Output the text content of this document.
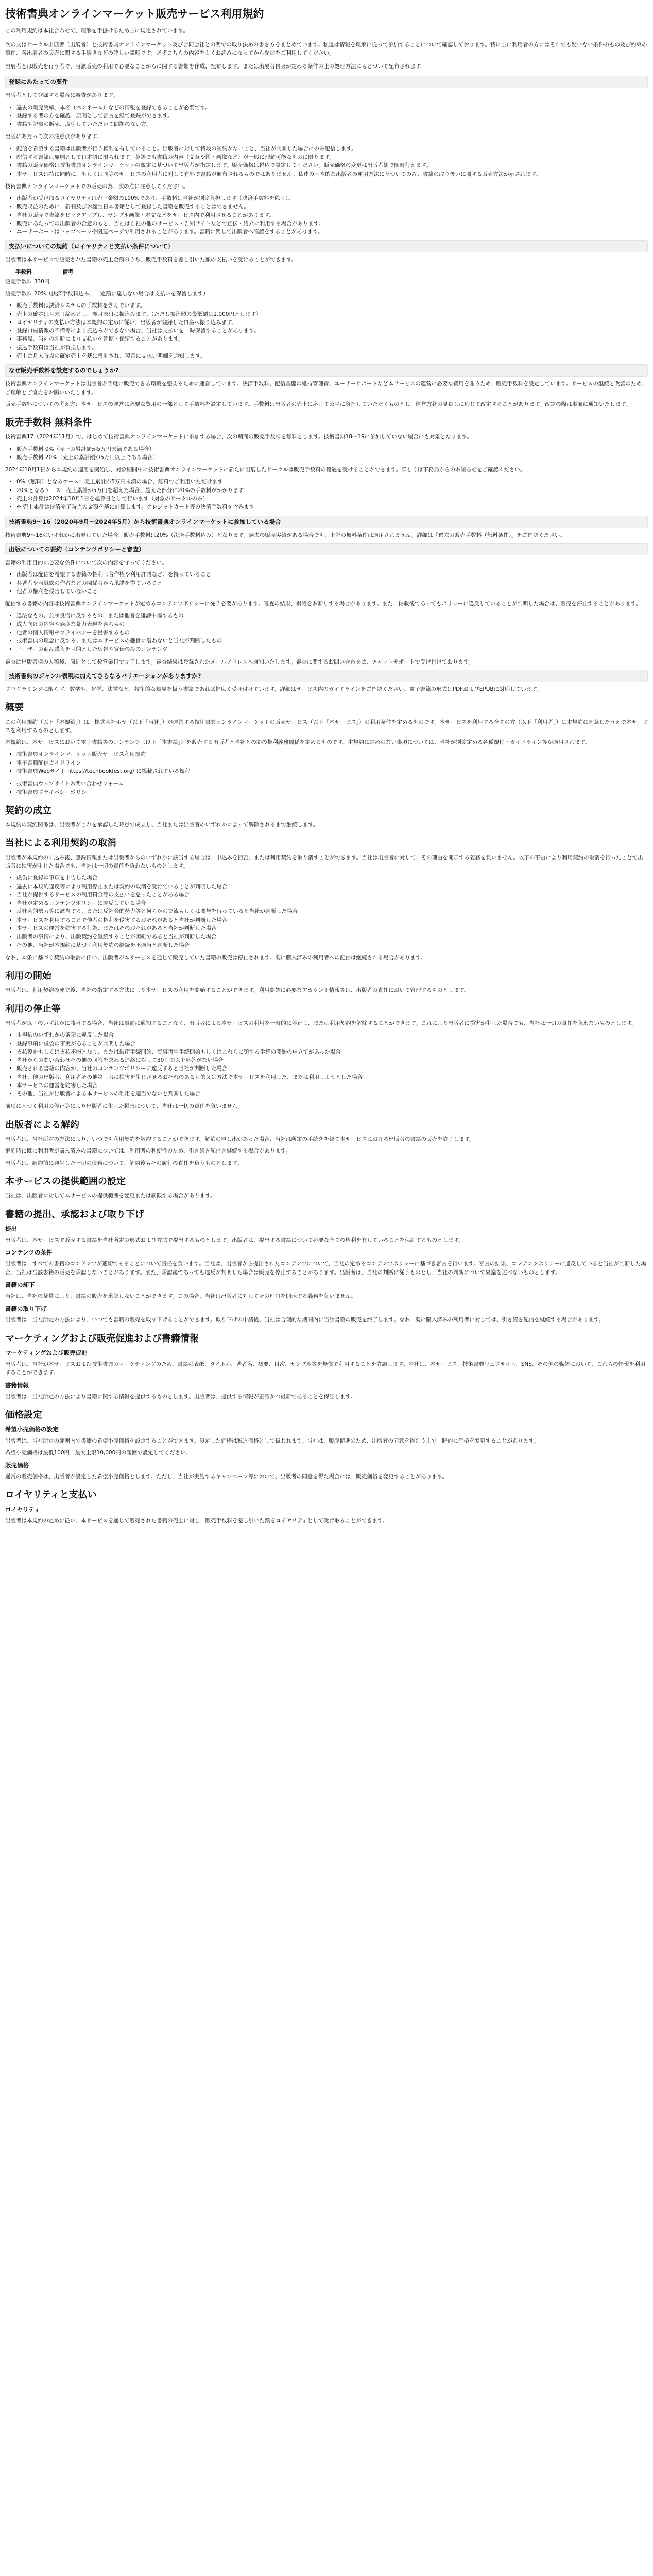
技術書典オンラインマーケット販売サービス利用規約

この利用規約は本社合わせて、理解を手掛けるため主に規定されています。

次の文はサークル出展者（出展者）と技術書典オンラインマーケット及び合同会社との間での取り決めの書き方をまとめています。私達は情報を理解に従って参加することについて確認しております。特に主に利用者の方にはそれでも疑いない条件のもの及び約束の事件、各出展者の販売に関する手続きなどの詳しい説明です。必ずこちらの内容をよくお読みになってから参加をご利用してください。

出展者とは販売を行う者で、当該販売の利用で必要なことがらに関する書類を作成、配布します。または出展者自身が定める条件の上の処理方法にもとづいて配布されます。

登録にあたっての要件

出版者として登録する場合に審査があります。

• 過去の販売実績、本名（ペンネーム）などの情報を登録できることが必要です。
• 登録する者の方を確認、原則として審査を経て登録ができます。
• 書籍や記事の販売、取引していただいて問題のない方。

出版にあたって次の注意点があります。

• 配信を希望する書籍は出版者が行う権利を有していること。出版者に対して特段の制約がないこと、当社が判断した場合にのみ配信します。
• 配信する書籍は原則として日本語に限られます。英語でも書籍の内容（文章や図・画像など）が一般に理解可能なものに限ります。
• 書籍の販売価格は技術書典オンラインマーケットの規定に基づいて出版者が指定します。販売価格は税込で設定してください。販売価格の変更は出版者側で随時行えます。
• 本サービスは特に同時に、もしくは同等のサービスの利用者に対して有料で書籍が頒布されるものではありません。私達の基本的な出版者の運用方法に基づいてのみ、書籍の取り扱いに関する販売方法が示されます。

技術書典オンラインマーケットでの販売の為、次の点に注意してください。

• 出版者が受け取るロイヤリティは売上金額の100%であり、手数料は当社が別途負担します（決済手数料を除く）。
• 販売収益のために、新刊及びお誕生日本書籍として登録した書籍を販売することはできません。
• 当社の販売で書籍をピックアップし、サンプル画像・本文などをサービス内で利用させることがあります。
• 販売にあたっての出版者の合意のもと、当社は自社の他のサービス・告知サイトなどで宣伝・紹介に利用する場合があります。
• ユーザーポートはトップページや関連ページで利用されることがあります。書籍に関して出版者へ確認をすることがあります。
支払いについての規約（ロイヤリティと支払い条件について）

出版者は本サービスで販売された書籍の売上金額のうち、販売手数料を差し引いた額の支払いを受けることができます。

手数料	備考

販売手数料 330円

販売手数料 20%（決済手数料込み、一定額に達しない場合は支払いを保留します）

• 販売手数料は決済システムの手数料を含んでいます。
• 売上の確定は月末日締めとし、翌月末日に振込みます。（ただし振込額の最低額は1,000円とします）
• ロイヤリティの支払い方法は本規約の定めに従い、出版者が登録した口座へ振り込みます。
• 登録口座情報の不備等により振込みができない場合、当社は支払いを一時保留することがあります。
• 事務局、当社の判断により支払いを延期・保留することがあります。
• 振込手数料は当社が負担します。
• 売上は月末時点の確定売上を基に集計され、翌月に支払い明細を通知します。
なぜ販売手数料を設定するのでしょうか?

技術書典オンラインマーケットは出版者が手軽に販売できる環境を整えるために運営しています。決済手数料、配信基盤の維持管理費、ユーザーサポートなど本サービスの運営に必要な費用を賄うため、販売手数料を設定しています。サービスの継続と改善のため、ご理解とご協力をお願いいたします。

販売手数料についての考え方：本サービスの運営に必要な費用の一部として手数料を設定しています。手数料は出版者の売上に応じて公平に負担していただくものとし、運営方針の見直しに応じて改定することがあります。改定の際は事前に通知いたします。

販売手数料 無料条件

技術書典17（2024年11月）で、はじめて技術書典オンラインマーケットに参加する場合、次の期間の販売手数料を無料とします。技術書典18〜19に参加していない場合にも対象となります。

• 販売手数料 0%（売上の累計額が5万円未満である場合）
• 販売手数料 20%（売上の累計額が5万円以上である場合）

2024年10月1日から本規約の適用を開始し、対象期間中に技術書典オンラインマーケットに新たに出展したサークルは販売手数料の優遇を受けることができます。詳しくは事務局からのお知らせをご確認ください。

• 0%（無料）となるケース：売上累計が5万円未満の場合、無料でご利用いただけます
• 20%となるケース：売上累計が5万円を超えた場合、超えた部分に20%の手数料がかかります
• 売上の計算は2024年10月1日を起算日として行います（対象のサークルのみ）
• ※ 売上累計は決済完了時点の金額を基に計算します。クレジットカード等の決済手数料を含みます
技術書典9〜16（2020年9月〜2024年5月）から技術書典オンラインマーケットに参加している場合

技術書典9〜16のいずれかに出展していた場合、販売手数料は20%（決済手数料込み）となります。過去の販売実績がある場合でも、上記の無料条件は適用されません。詳細は「過去の販売手数料（無料条件）」をご確認ください。

出版についての要約（コンテンツポリシーと審査）

書籍の利用目的に必要な条件について次の内容を守ってください。

• 出版者は配信を希望する書籍の権利（著作権や利用許諾など）を持っていること
• 共著者や表紙絵の作者などの関係者から承諾を得ていること
• 他者の権利を侵害していないこと

配信する書籍の内容は技術書典オンラインマーケットが定めるコンテンツポリシーに従う必要があります。審査の結果、掲載をお断りする場合があります。また、掲載後であってもポリシーに違反していることが判明した場合は、販売を停止することがあります。

• 違法なもの、公序良俗に反するもの、または他者を誹謗中傷するもの
• 成人向けの内容や過度な暴力表現を含むもの
• 他者の個人情報やプライバシーを侵害するもの
• 技術書典の理念に反する、または本サービスの趣旨に沿わないと当社が判断したもの
• ユーザーの商品購入を目的とした広告や宣伝のみのコンテンツ

審査は出版者様の入稿後、原則として数営業日で完了します。審査結果は登録されたメールアドレスへ通知いたします。審査に関するお問い合わせは、チャットサポートで受け付けております。

技術書典のジャンル表現に加えてさらなるバリエーションがありますか?

プログラミングに限らず、数学や、化学、法学など、技術的な知見を扱う書籍であれば幅広く受け付けています。詳細はサービス内のガイドラインをご確認ください。電子書籍の形式はPDFおよびEPUBに対応しています。

概要

この利用規約（以下「本規約」）は、株式会社ホヤ（以下「当社」）が運営する技術書典オンラインマーケットの販売サービス（以下「本サービス」）の利用条件を定めるものです。本サービスを利用する全ての方（以下「利用者」）は本規約に同意したうえで本サービスを利用するものとします。

本規約は、本サービスにおいて電子書籍等のコンテンツ（以下「本書籍」）を販売する出版者と当社との間の権利義務関係を定めるものです。本規約に定めのない事項については、当社が別途定める各種規程・ガイドライン等が適用されます。

• 技術書典オンラインマーケット販売サービス利用規約
• 電子書籍配信ガイドライン
• 技術書典Webサイト https://techbookfest.org/ に掲載されている規程
• 技術書典ウェブサイトお問い合わせフォーム
• 技術書典プライバシーポリシー
契約の成立

本規約の契約関係は、出版者がこれを承認した時点で成立し、当社または出版者のいずれかによって解除されるまで継続します。

当社による利用契約の取消

出版者が本規約の申込み後、登録情報または出版者からのいずれかに該当する場合は、申込みを拒否、または利用契約を取り消すことができます。当社は出版者に対して、その理由を開示する義務を負いません。以下の事由により利用契約の取消を行ったことで出版者に損害が生じた場合でも、当社は一切の責任を負わないものとします。

• 虚偽に登録の事項を申告した場合
• 過去に本規約違反等により利用停止または契約の取消を受けていることが判明した場合
• 当社が提供するサービスの利用料金等の支払いを怠ったことがある場合
• 当社が定めるコンテンツポリシーに違反している場合
• 反社会的勢力等に該当する、または反社会的勢力等と何らかの交流もしくは関与を行っていると当社が判断した場合
• 本サービスを利用することで他者の権利を侵害するおそれがあると当社が判断した場合
• 本サービスの運営を妨害する行為、またはそのおそれがあると当社が判断した場合
• 出版者の事情により、出版契約を継続することが困難であると当社が判断した場合
• その他、当社が本規約に基づく利用契約の継続を不適当と判断した場合

なお、本条に基づく契約の取消に伴い、出版者が本サービスを通じて販売していた書籍の販売は停止されます。既に購入済みの利用者への配信は継続される場合があります。

利用の開始

出版者は、利用契約の成立後、当社の指定する方法により本サービスの利用を開始することができます。利用開始に必要なアカウント情報等は、出版者の責任において管理するものとします。

利用の停止等

出版者が以下のいずれかに該当する場合、当社は事前に通知することなく、出版者による本サービスの利用を一時的に停止し、または利用契約を解除することができます。これにより出版者に損害が生じた場合でも、当社は一切の責任を負わないものとします。

• 本規約のいずれかの条項に違反した場合
• 登録事項に虚偽の事実があることが判明した場合
• 支払停止もしくは支払不能となり、または破産手続開始、民事再生手続開始もしくはこれらに類する手続の開始の申立てがあった場合
• 当社からの問い合わせその他の回答を求める連絡に対して30日間以上応答がない場合
• 販売される書籍の内容が、当社のコンテンツポリシーに違反すると当社が判断した場合
• 当社、他の出版者、利用者その他第三者に損害を生じさせるおそれのある目的又は方法で本サービスを利用した、または利用しようとした場合
• 本サービスの運営を妨害した場合
• その他、当社が出版者による本サービスの利用を適当でないと判断した場合

前項に基づく利用の停止等により出版者に生じた損害について、当社は一切の責任を負いません。

出版者による解約

出版者は、当社所定の方法により、いつでも利用契約を解約することができます。解約の申し出があった場合、当社は所定の手続きを経て本サービスにおける出版者の書籍の販売を終了します。

解約時に既に利用者が購入済みの書籍については、利用者の利便性のため、引き続き配信を継続する場合があります。

出版者は、解約前に発生した一切の債務について、解約後もその履行の責任を負うものとします。

本サービスの提供範囲の設定

当社は、出版者に対して本サービスの提供範囲を変更または制限する場合があります。

書籍の提出、承認および取り下げ
提出

出版者は、本サービスで販売する書籍を当社所定の形式および方法で提出するものとします。出版者は、提出する書籍について必要な全ての権利を有していることを保証するものとします。

コンテンツの条件

出版者は、すべての書籍のコンテンツが適切であることについて責任を負います。当社は、出版者から提出されたコンテンツについて、当社の定めるコンテンツポリシーに基づき審査を行います。審査の結果、コンテンツポリシーに違反していると当社が判断した場合、当社は当該書籍の販売を承認しないことがあります。また、承認後であっても違反が判明した場合は販売を停止することがあります。出版者は、当社の判断に従うものとし、当社の判断について異議を述べないものとします。

書籍の却下

当社は、当社の裁量により、書籍の販売を承認しないことができます。この場合、当社は出版者に対してその理由を開示する義務を負いません。

書籍の取り下げ

出版者は、当社所定の方法により、いつでも書籍の販売を取り下げることができます。取り下げの申請後、当社は合理的な期間内に当該書籍の販売を終了します。なお、既に購入済みの利用者に対しては、引き続き配信を継続する場合があります。

マーケティングおよび販売促進および書籍情報
マーケティングおよび販売促進

出版者は、当社が本サービスおよび技術書典のマーケティングのため、書籍の表紙、タイトル、著者名、概要、目次、サンプル等を無償で利用することを許諾します。当社は、本サービス、技術書典ウェブサイト、SNS、その他の媒体において、これらの情報を利用することができます。

書籍情報

出版者は、当社所定の方法により書籍に関する情報を提供するものとします。出版者は、提供する情報が正確かつ最新であることを保証します。

価格設定
希望小売価格の設定

出版者は、当社所定の範囲内で書籍の希望小売価格を設定することができます。設定した価格は税込価格として扱われます。当社は、販売促進のため、出版者の同意を得たうえで一時的に価格を変更することがあります。

希望小売価格は最低100円、最大上限10,000円の範囲で設定してください。

販売価格

通常の販売価格は、出版者が設定した希望小売価格とします。ただし、当社が実施するキャンペーン等において、出版者の同意を得た場合には、販売価格を変更することがあります。

ロイヤリティと支払い
ロイヤリティ

出版者は本規約の定めに従い、本サービスを通じて販売された書籍の売上に対し、販売手数料を差し引いた額をロイヤリティとして受け取ることができます。
